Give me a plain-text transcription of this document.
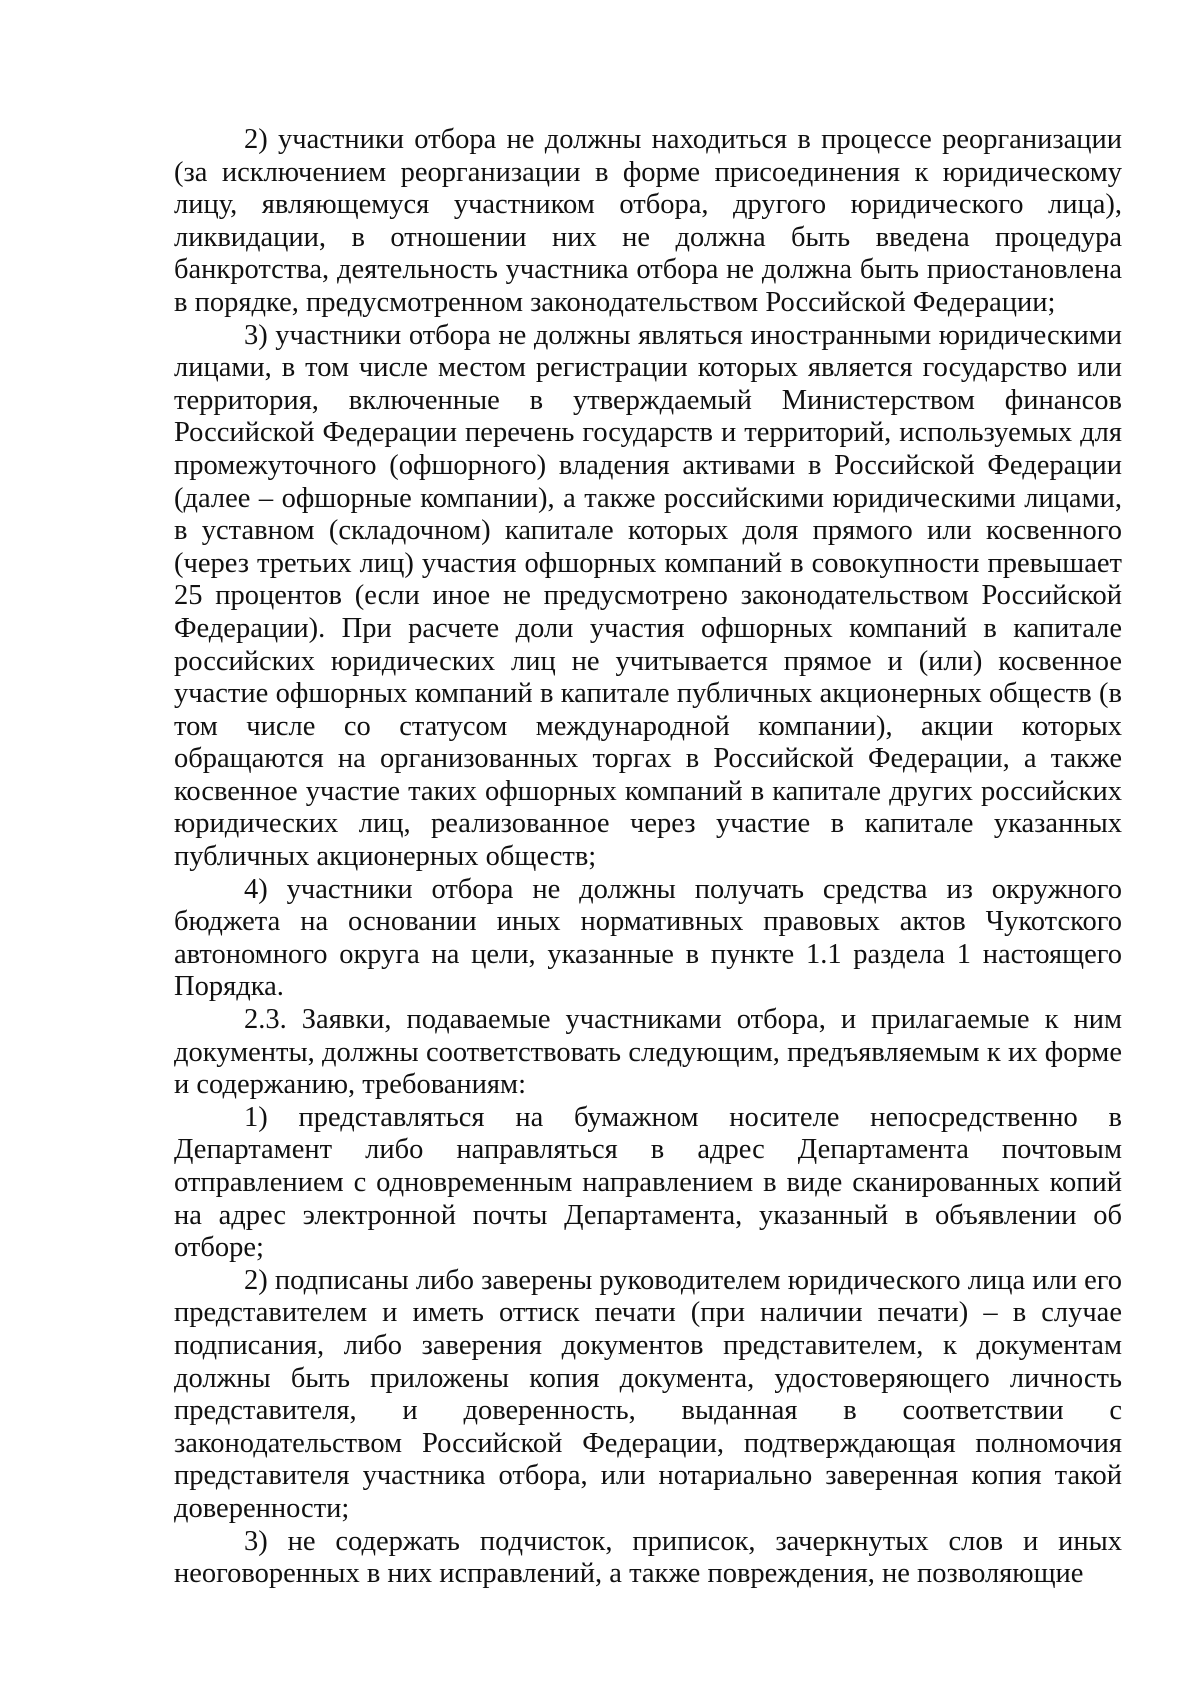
2) участники отбора не должны находиться в процессе реорганизации (за исключением реорганизации в форме присоединения к юридическому лицу, являющемуся участником отбора, другого юридического лица), ликвидации, в отношении них не должна быть введена процедура банкротства, деятельность участника отбора не должна быть приостановлена в порядке, предусмотренном законодательством Российской Федерации;

3) участники отбора не должны являться иностранными юридическими лицами, в том числе местом регистрации которых является государство или территория, включенные в утверждаемый Министерством финансов Российской Федерации перечень государств и территорий, используемых для промежуточного (офшорного) владения активами в Российской Федерации (далее – офшорные компании), а также российскими юридическими лицами, в уставном (складочном) капитале которых доля прямого или косвенного (через третьих лиц) участия офшорных компаний в совокупности превышает 25 процентов (если иное не предусмотрено законодательством Российской Федерации). При расчете доли участия офшорных компаний в капитале российских юридических лиц не учитывается прямое и (или) косвенное участие офшорных компаний в капитале публичных акционерных обществ (в том числе со статусом международной компании), акции которых обращаются на организованных торгах в Российской Федерации, а также косвенное участие таких офшорных компаний в капитале других российских юридических лиц, реализованное через участие в капитале указанных публичных акционерных обществ;

4) участники отбора не должны получать средства из окружного бюджета на основании иных нормативных правовых актов Чукотского автономного округа на цели, указанные в пункте 1.1 раздела 1 настоящего Порядка.

2.3. Заявки, подаваемые участниками отбора, и прилагаемые к ним документы, должны соответствовать следующим, предъявляемым к их форме и содержанию, требованиям:

1) представляться на бумажном носителе непосредственно в Департамент либо направляться в адрес Департамента почтовым отправлением с одновременным направлением в виде сканированных копий на адрес электронной почты Департамента, указанный в объявлении об отборе;

2) подписаны либо заверены руководителем юридического лица или его представителем и иметь оттиск печати (при наличии печати) – в случае подписания, либо заверения документов представителем, к документам должны быть приложены копия документа, удостоверяющего личность представителя, и доверенность, выданная в соответствии с законодательством Российской Федерации, подтверждающая полномочия представителя участника отбора, или нотариально заверенная копия такой доверенности;

3) не содержать подчисток, приписок, зачеркнутых слов и иных неоговоренных в них исправлений, а также повреждения, не позволяющие
